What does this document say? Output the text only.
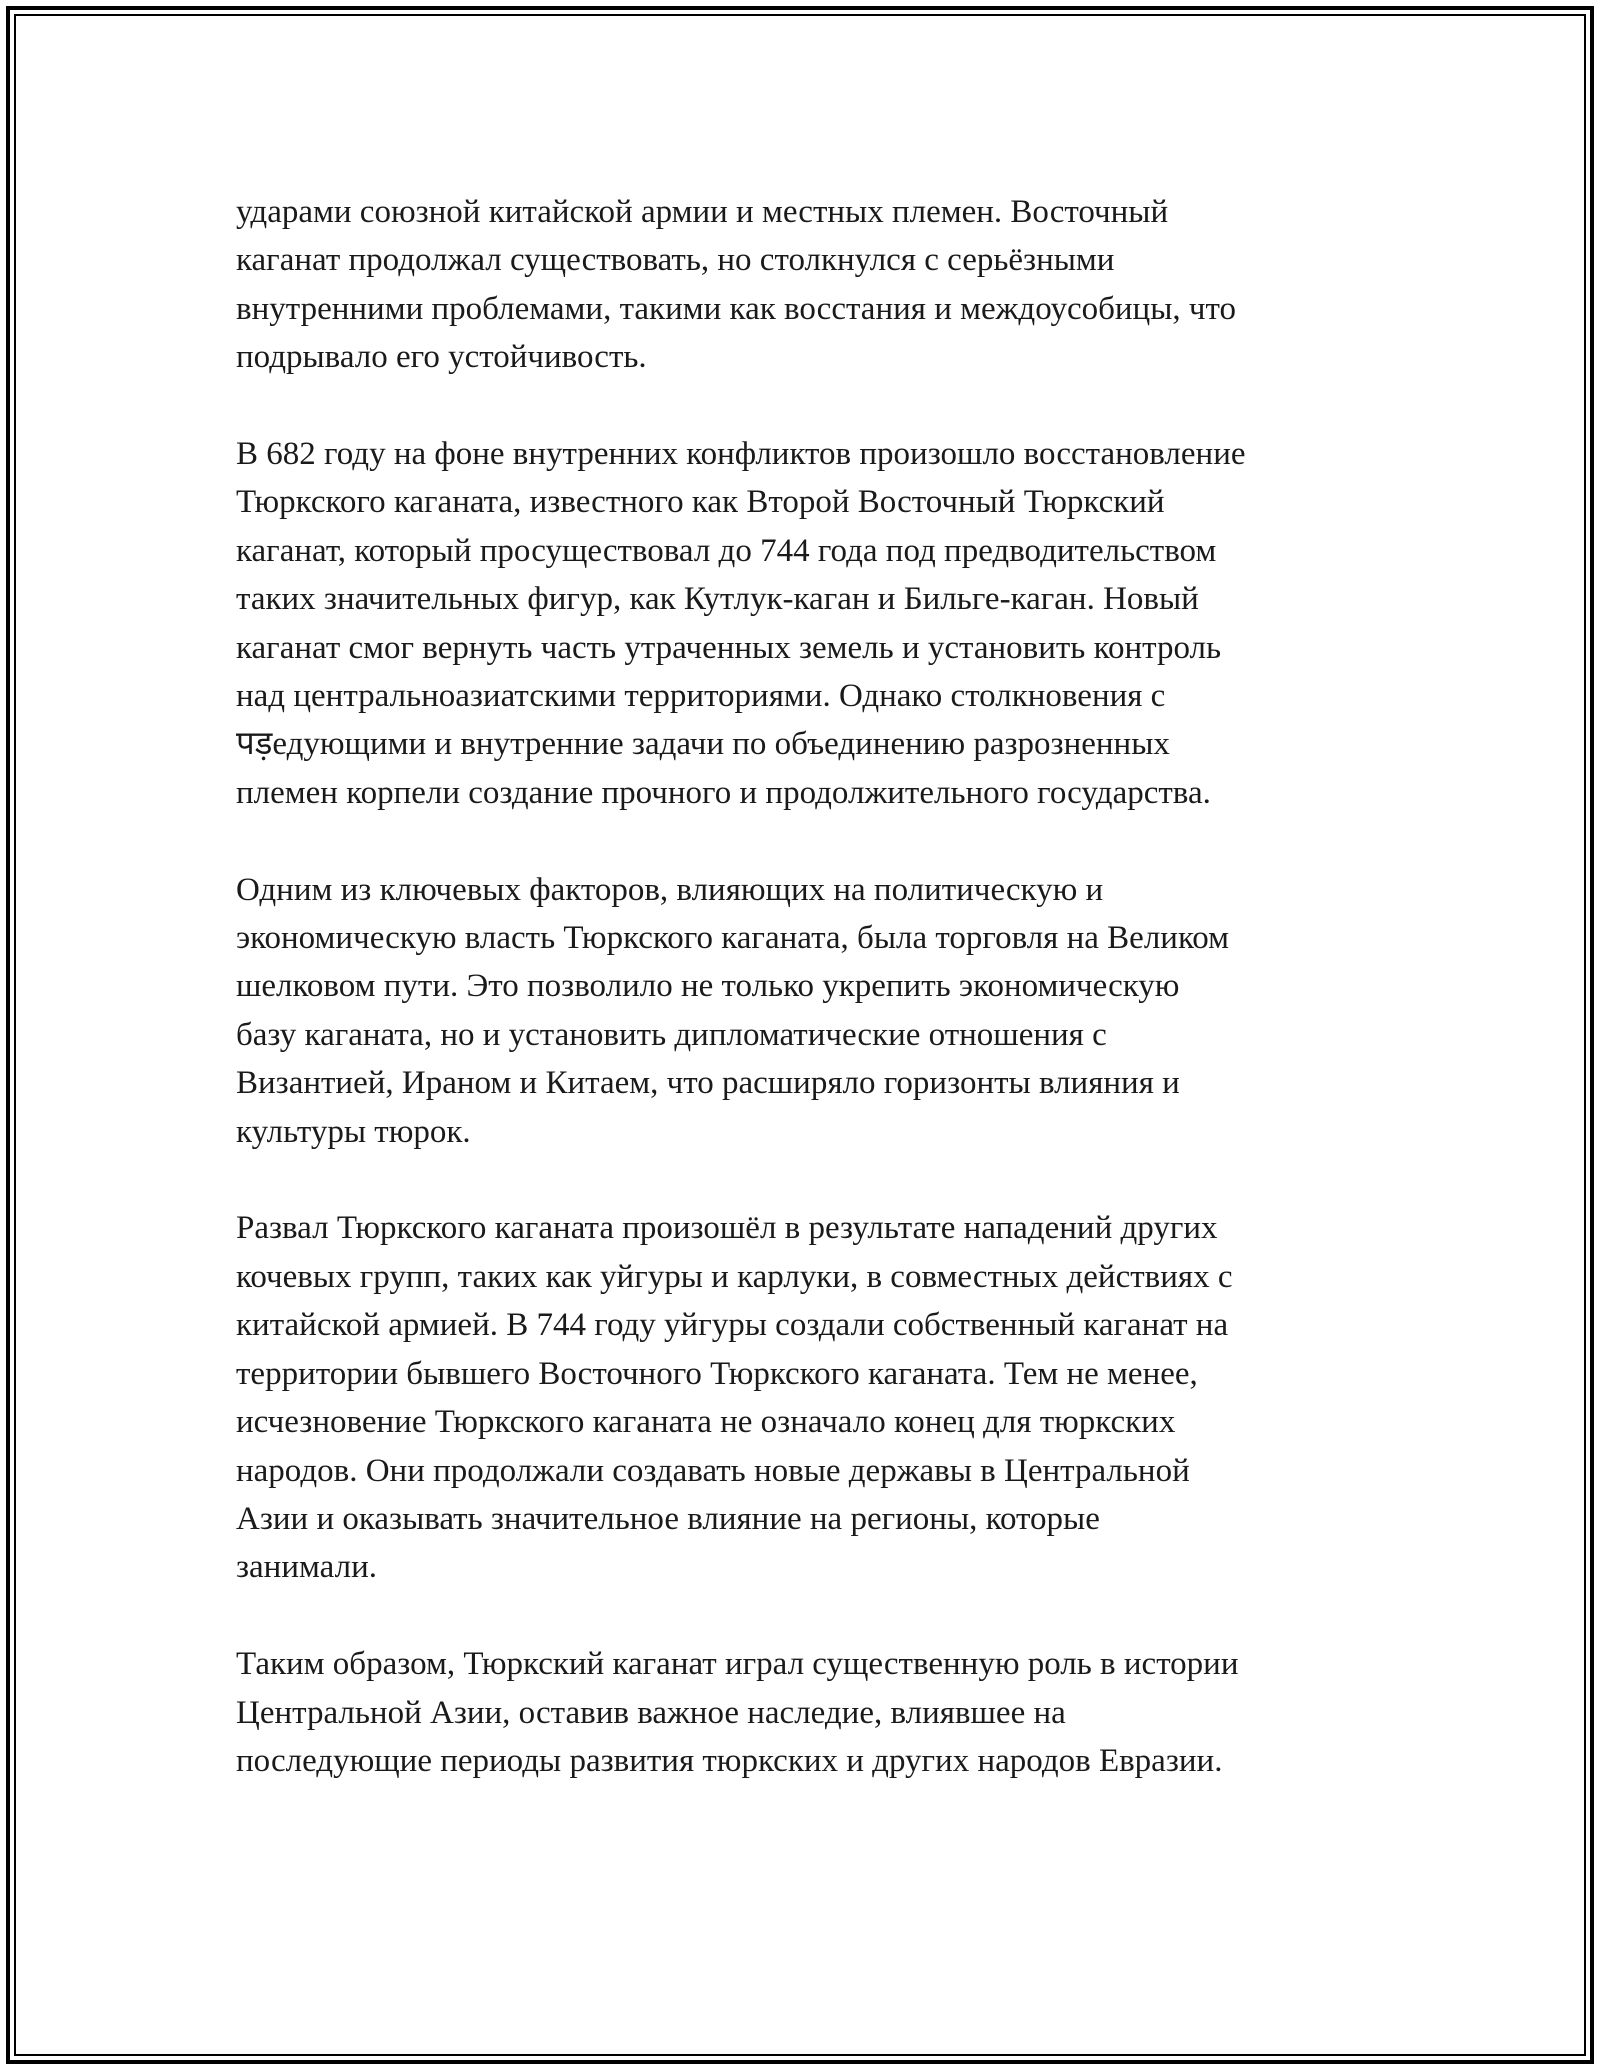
ударами союзной китайской армии и местных племен. Восточный
каганат продолжал существовать, но столкнулся с серьёзными
внутренними проблемами, такими как восстания и междоусобицы, что
подрывало его устойчивость.

В 682 году на фоне внутренних конфликтов произошло восстановление
Тюркского каганата, известного как Второй Восточный Тюркский
каганат, который просуществовал до 744 года под предводительством
таких значительных фигур, как Кутлук-каган и Бильге-каган. Новый
каганат смог вернуть часть утраченных земель и установить контроль
над центральноазиатскими территориями. Однако столкновения с
पड़едующими и внутренние задачи по объединению разрозненных
племен корпели создание прочного и продолжительного государства.

Одним из ключевых факторов, влияющих на политическую и
экономическую власть Тюркского каганата, была торговля на Великом
шелковом пути. Это позволило не только укрепить экономическую
базу каганата, но и установить дипломатические отношения с
Византией, Ираном и Китаем, что расширяло горизонты влияния и
культуры тюрок.

Развал Тюркского каганата произошёл в результате нападений других
кочевых групп, таких как уйгуры и карлуки, в совместных действиях с
китайской армией. В 744 году уйгуры создали собственный каганат на
территории бывшего Восточного Тюркского каганата. Тем не менее,
исчезновение Тюркского каганата не означало конец для тюркских
народов. Они продолжали создавать новые державы в Центральной
Азии и оказывать значительное влияние на регионы, которые
занимали.

Таким образом, Тюркский каганат играл существенную роль в истории
Центральной Азии, оставив важное наследие, влиявшее на
последующие периоды развития тюркских и других народов Евразии.
